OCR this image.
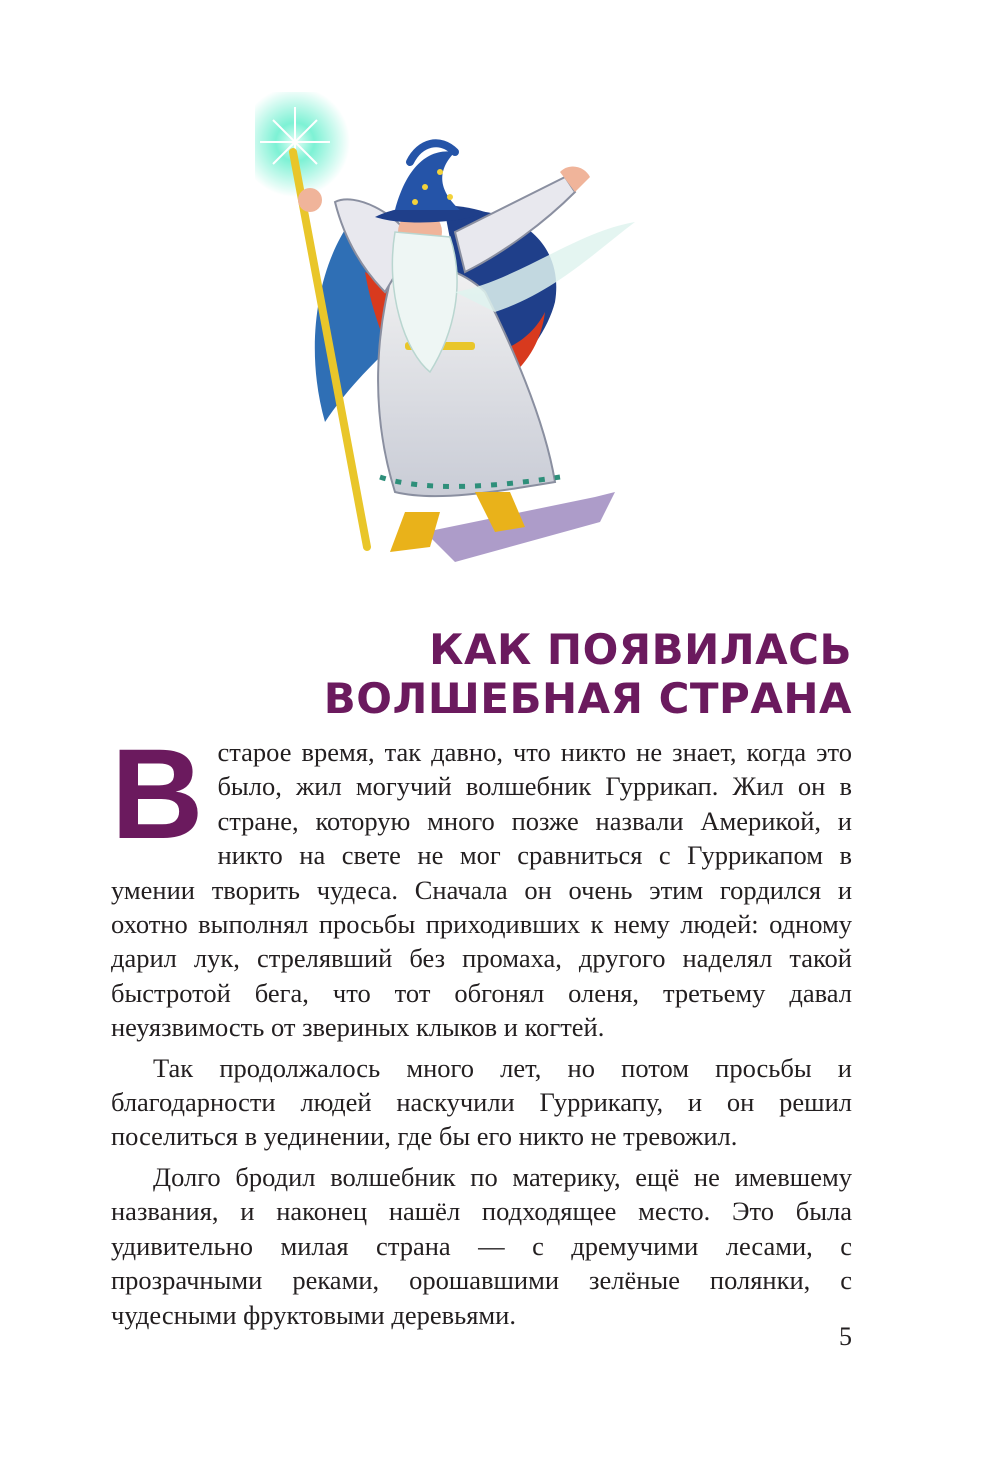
КАК ПОЯВИЛАСЬ
ВОЛШЕБНАЯ СТРАНА

Встарое время, так давно, что никто не знает, когда это было, жил могучий волшебник Гуррикап. Жил он в стране, которую много позже назвали Америкой, и никто на свете не мог сравниться с Гуррикапом в умении творить чудеса. Сначала он очень этим гордился и охотно выполнял просьбы приходивших к нему людей: одному дарил лук, стрелявший без промаха, другого наделял такой быстротой бега, что тот обгонял оленя, третьему давал неуязвимость от звериных клыков и когтей.

Так продолжалось много лет, но потом просьбы и благодарности людей наскучили Гуррикапу, и он решил поселиться в уединении, где бы его никто не тревожил.

Долго бродил волшебник по материку, ещё не имевшему названия, и наконец нашёл подходящее место. Это была удивительно милая страна — с дремучими лесами, с прозрачными реками, орошавшими зелёные полянки, с чудесными фруктовыми деревьями.

5
